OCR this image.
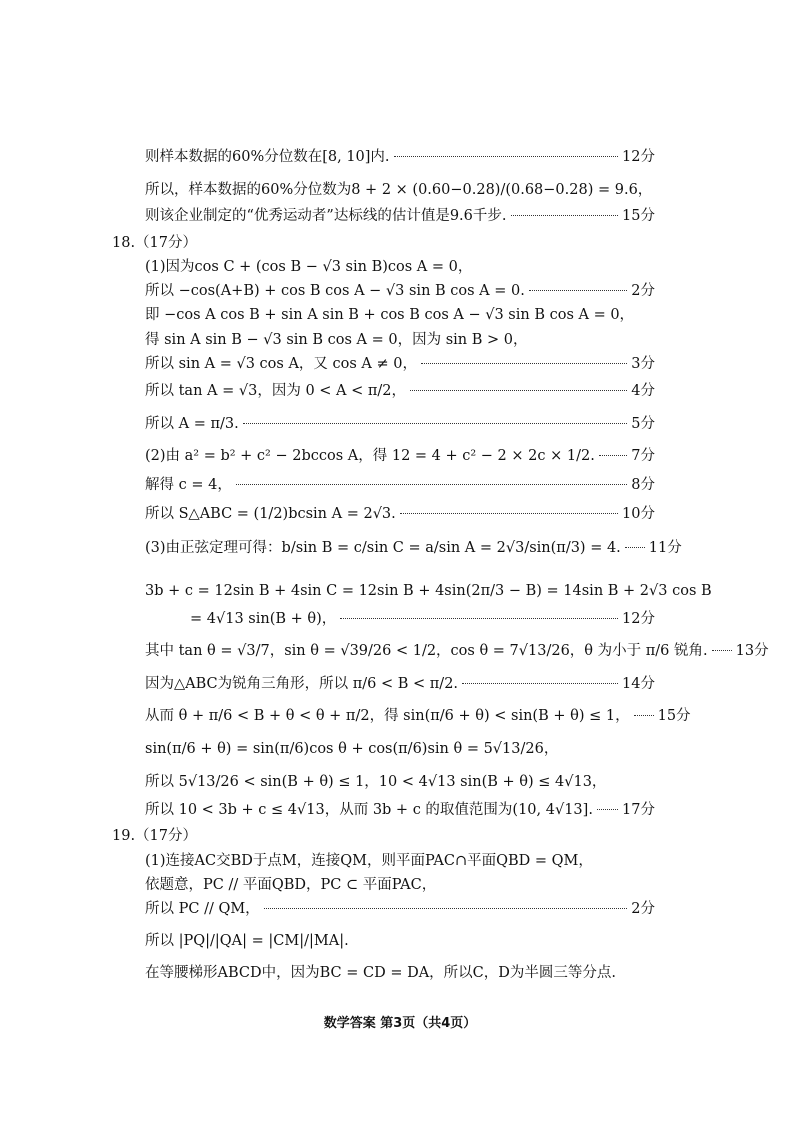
则样本数据的60%分位数在[8, 10]内.	12分
所以，样本数据的60%分位数为8 + 2 × (0.60−0.28)/(0.68−0.28) = 9.6，
则该企业制定的“优秀运动者”达标线的估计值是9.6千步.	15分
18.（17分）
(1)因为cos C + (cos B − √3 sin B)cos A = 0，
所以 −cos(A+B) + cos B cos A − √3 sin B cos A = 0.	2分
即 −cos A cos B + sin A sin B + cos B cos A − √3 sin B cos A = 0，
得 sin A sin B − √3 sin B cos A = 0，因为 sin B > 0，
所以 sin A = √3 cos A，又 cos A ≠ 0，	3分
所以 tan A = √3，因为 0 < A < π/2，	4分
所以 A = π/3.	5分
(2)由 a² = b² + c² − 2bccos A，得 12 = 4 + c² − 2 × 2c × 1/2.	7分
解得 c = 4，	8分
所以 S△ABC = (1/2)bcsin A = 2√3.	10分
(3)由正弦定理可得：b/sin B = c/sin C = a/sin A = 2√3/sin(π/3) = 4. 11分
3b + c = 12sin B + 4sin C = 12sin B + 4sin(2π/3 − B) = 14sin B + 2√3 cos B
= 4√13 sin(B + θ)，	12分
其中 tan θ = √3/7，sin θ = √39/26 < 1/2，cos θ = 7√13/26，θ 为小于 π/6 锐角. 13分
因为△ABC为锐角三角形，所以 π/6 < B < π/2.	14分
从而 θ + π/6 < B + θ < θ + π/2，得 sin(π/6 + θ) < sin(B + θ) ≤ 1， 15分
sin(π/6 + θ) = sin(π/6)cos θ + cos(π/6)sin θ = 5√13/26，
所以 5√13/26 < sin(B + θ) ≤ 1，10 < 4√13 sin(B + θ) ≤ 4√13，
所以 10 < 3b + c ≤ 4√13，从而 3b + c 的取值范围为(10, 4√13]. 17分
19.（17分）
(1)连接AC交BD于点M，连接QM，则平面PAC∩平面QBD = QM，
依题意，PC // 平面QBD，PC ⊂ 平面PAC，
所以 PC // QM，	2分
所以 |PQ|/|QA| = |CM|/|MA|.
在等腰梯形ABCD中，因为BC = CD = DA，所以C，D为半圆三等分点.
数学答案 第3页（共4页）
